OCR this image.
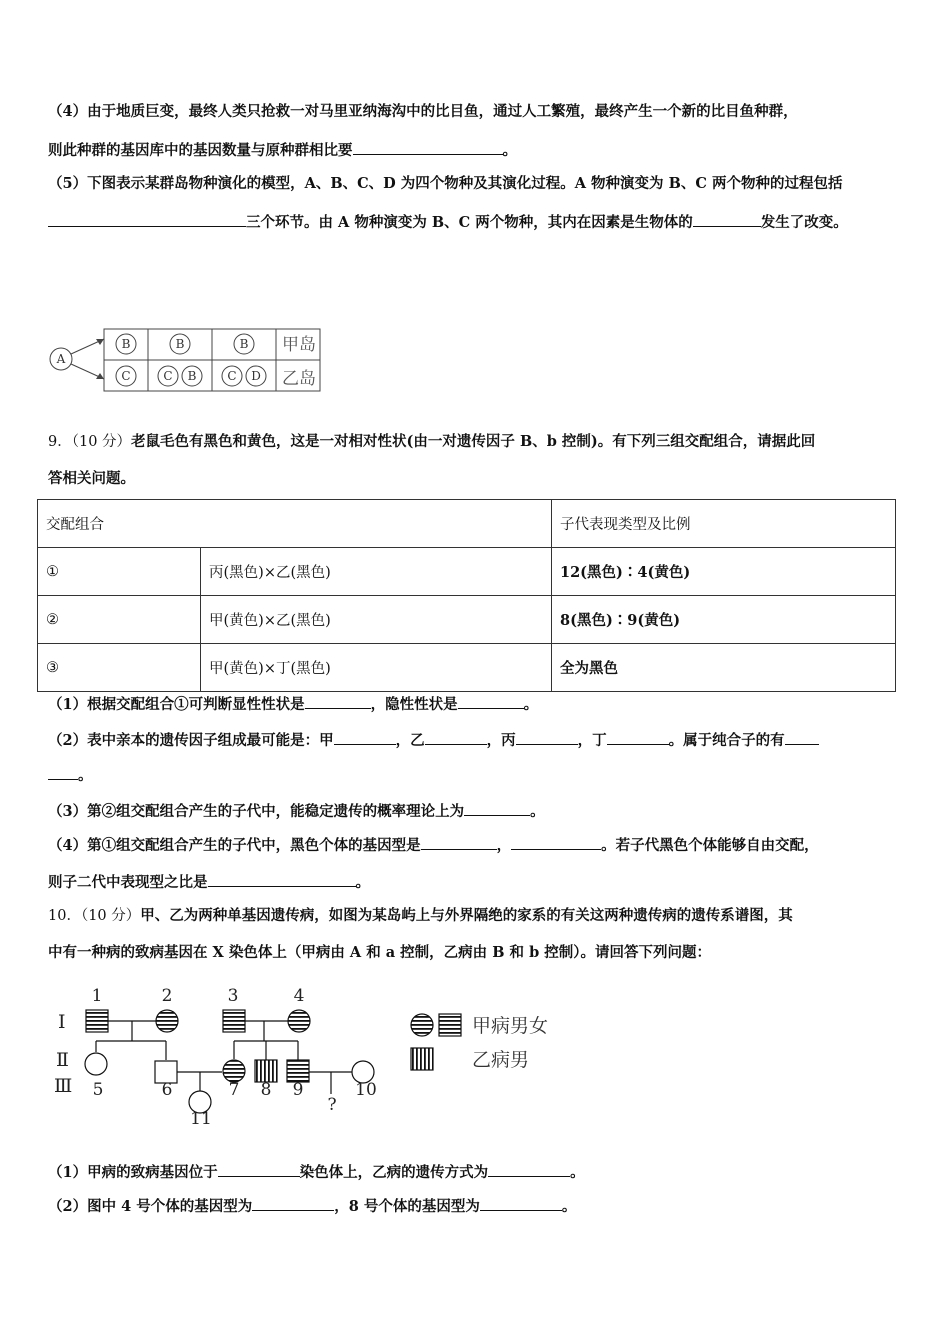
（4）由于地质巨变，最终人类只抢救一对马里亚纳海沟中的比目鱼，通过人工繁殖，最终产生一个新的比目鱼种群，
则此种群的基因库中的基因数量与原种群相比要	。
（5）下图表示某群岛物种演化的模型，A、B、C、D 为四个物种及其演化过程。A 物种演变为 B、C 两个物种的过程包括
三个环节。由 A 物种演变为 B、C 两个物种，其内在因素是生物体的	发生了改变。
A
B	B	B
C	C B	C D
甲岛
乙岛
9．（10 分）老鼠毛色有黑色和黄色，这是一对相对性状(由一对遗传因子 B、b 控制)。有下列三组交配组合，请据此回
答相关问题。
交配组合		子代表现类型及比例
①	丙(黑色)×乙(黑色)	12(黑色)∶4(黄色)
②	甲(黄色)×乙(黑色)	8(黑色)∶9(黄色)
③	甲(黄色)×丁(黑色)	全为黑色
（1）根据交配组合①可判断显性性状是	，隐性性状是	。
（2）表中亲本的遗传因子组成最可能是：甲	，乙	，丙	，丁	。属于纯合子的有
。
（3）第②组交配组合产生的子代中，能稳定遗传的概率理论上为	。
（4）第①组交配组合产生的子代中，黑色个体的基因型是	，	。若子代黑色个体能够自由交配，
则子二代中表现型之比是	。
10．（10 分）甲、乙为两种单基因遗传病，如图为某岛屿上与外界隔绝的家系的有关这两种遗传病的遗传系谱图，其
中有一种病的致病基因在 X 染色体上（甲病由 A 和 a 控制，乙病由 B 和 b 控制）。请回答下列问题：
Ⅰ
Ⅱ
Ⅲ
1	2	3	4
5	6	7 8 9	10
11
?
甲病男女
乙病男
（1）甲病的致病基因位于	染色体上，乙病的遗传方式为	。
（2）图中 4 号个体的基因型为	，8 号个体的基因型为	。
